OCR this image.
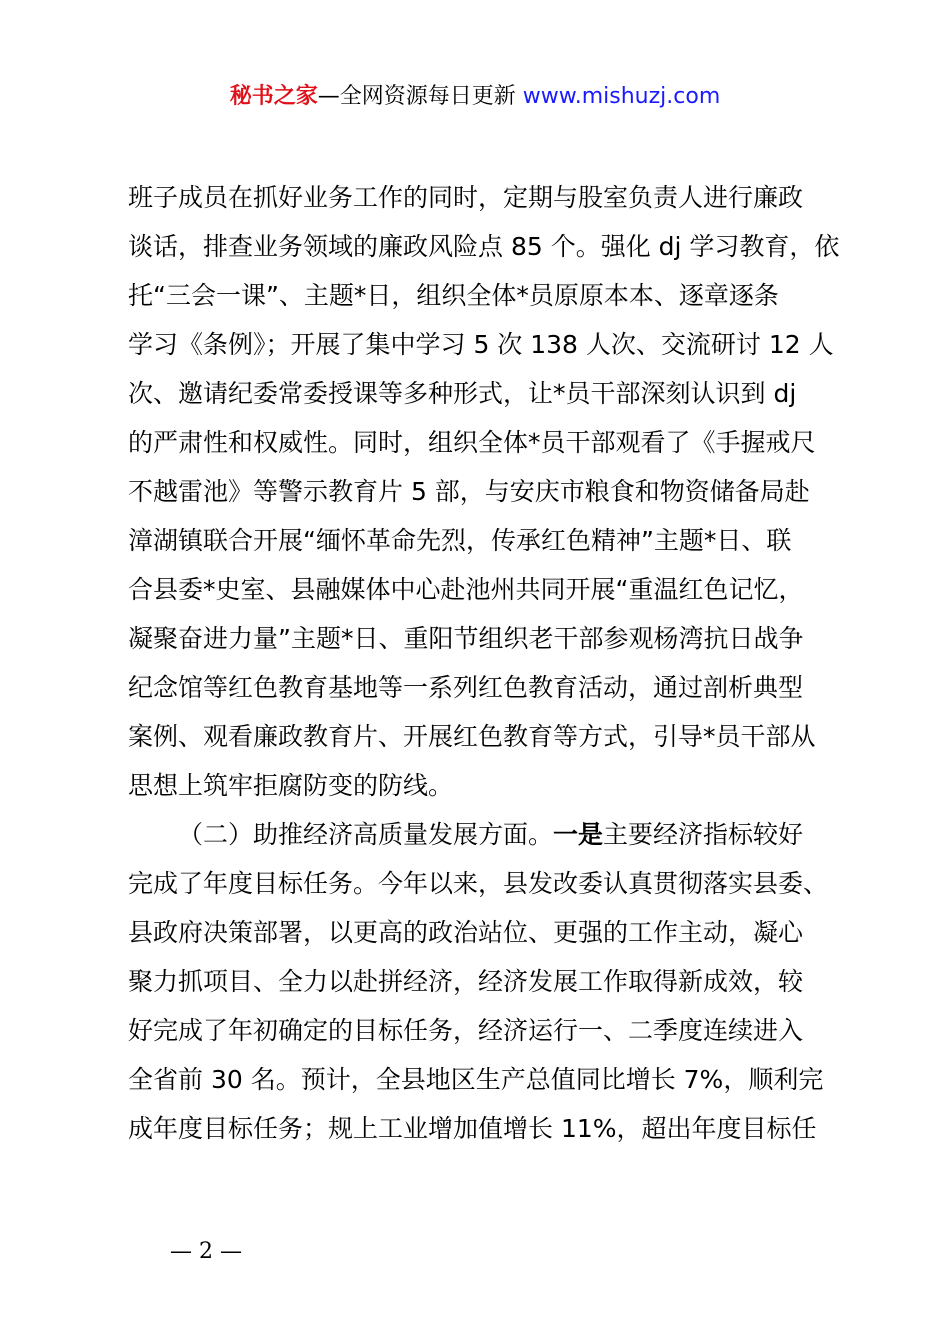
秘书之家—全网资源每日更新 www.mishuzj.com
班子成员在抓好业务工作的同时，定期与股室负责人进行廉政
谈话，排查业务领域的廉政风险点 85 个。强化 dj 学习教育，依
托“三会一课”、主题*日，组织全体*员原原本本、逐章逐条
学习《条例》；开展了集中学习 5 次 138 人次、交流研讨 12 人
次、邀请纪委常委授课等多种形式，让*员干部深刻认识到 dj
的严肃性和权威性。同时，组织全体*员干部观看了《手握戒尺
不越雷池》等警示教育片 5 部，与安庆市粮食和物资储备局赴
漳湖镇联合开展“缅怀革命先烈，传承红色精神”主题*日、联
合县委*史室、县融媒体中心赴池州共同开展“重温红色记忆，
凝聚奋进力量”主题*日、重阳节组织老干部参观杨湾抗日战争
纪念馆等红色教育基地等一系列红色教育活动，通过剖析典型
案例、观看廉政教育片、开展红色教育等方式，引导*员干部从
思想上筑牢拒腐防变的防线。
（二）助推经济高质量发展方面。一是主要经济指标较好
完成了年度目标任务。今年以来，县发改委认真贯彻落实县委、
县政府决策部署，以更高的政治站位、更强的工作主动，凝心
聚力抓项目、全力以赴拼经济，经济发展工作取得新成效，较
好完成了年初确定的目标任务，经济运行一、二季度连续进入
全省前 30 名。预计，全县地区生产总值同比增长 7%，顺利完
成年度目标任务；规上工业增加值增长 11%，超出年度目标任
— 2 —
